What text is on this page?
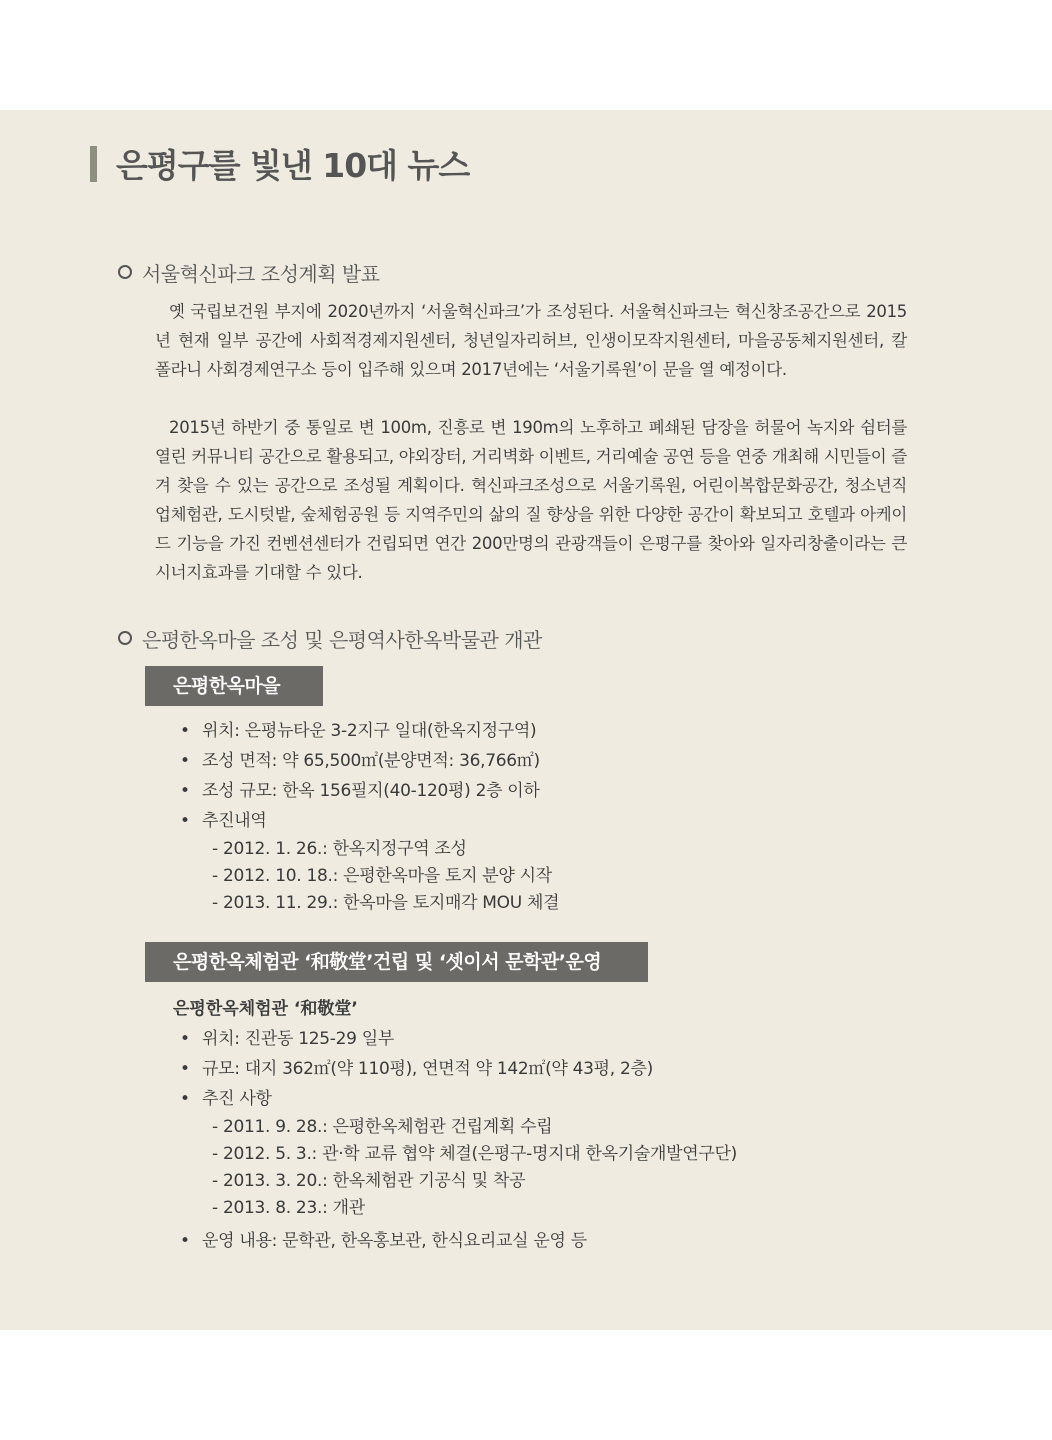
은평구를 빛낸 10대 뉴스
서울혁신파크 조성계획 발표
옛 국립보건원 부지에 2020년까지 ‘서울혁신파크’가 조성된다. 서울혁신파크는 혁신창조공간으로 2015년 현재 일부 공간에 사회적경제지원센터, 청년일자리허브, 인생이모작지원센터, 마을공동체지원센터, 칼 폴라니 사회경제연구소 등이 입주해 있으며 2017년에는 ‘서울기록원’이 문을 열 예정이다.
2015년 하반기 중 통일로 변 100m, 진흥로 변 190m의 노후하고 폐쇄된 담장을 허물어 녹지와 쉼터를 열린 커뮤니티 공간으로 활용되고, 야외장터, 거리벽화 이벤트, 거리예술 공연 등을 연중 개최해 시민들이 즐겨 찾을 수 있는 공간으로 조성될 계획이다. 혁신파크조성으로 서울기록원, 어린이복합문화공간, 청소년직업체험관, 도시텃밭, 숲체험공원 등 지역주민의 삶의 질 향상을 위한 다양한 공간이 확보되고 호텔과 아케이드 기능을 가진 컨벤션센터가 건립되면 연간 200만명의 관광객들이 은평구를 찾아와 일자리창출이라는 큰 시너지효과를 기대할 수 있다.
은평한옥마을 조성 및 은평역사한옥박물관 개관
은평한옥마을
• 위치: 은평뉴타운 3-2지구 일대(한옥지정구역)
• 조성 면적: 약 65,500㎡(분양면적: 36,766㎡)
• 조성 규모: 한옥 156필지(40-120평) 2층 이하
• 추진내역
- 2012. 1. 26.: 한옥지정구역 조성
- 2012. 10. 18.: 은평한옥마을 토지 분양 시작
- 2013. 11. 29.: 한옥마을 토지매각 MOU 체결
은평한옥체험관 ‘和敬堂’건립 및 ‘셋이서 문학관’운영
은평한옥체험관 ‘和敬堂’
• 위치: 진관동 125-29 일부
• 규모: 대지 362㎡(약 110평), 연면적 약 142㎡(약 43평, 2층)
• 추진 사항
- 2011. 9. 28.: 은평한옥체험관 건립계획 수립
- 2012. 5. 3.: 관·학 교류 협약 체결(은평구-명지대 한옥기술개발연구단)
- 2013. 3. 20.: 한옥체험관 기공식 및 착공
- 2013. 8. 23.: 개관
• 운영 내용: 문학관, 한옥홍보관, 한식요리교실 운영 등
